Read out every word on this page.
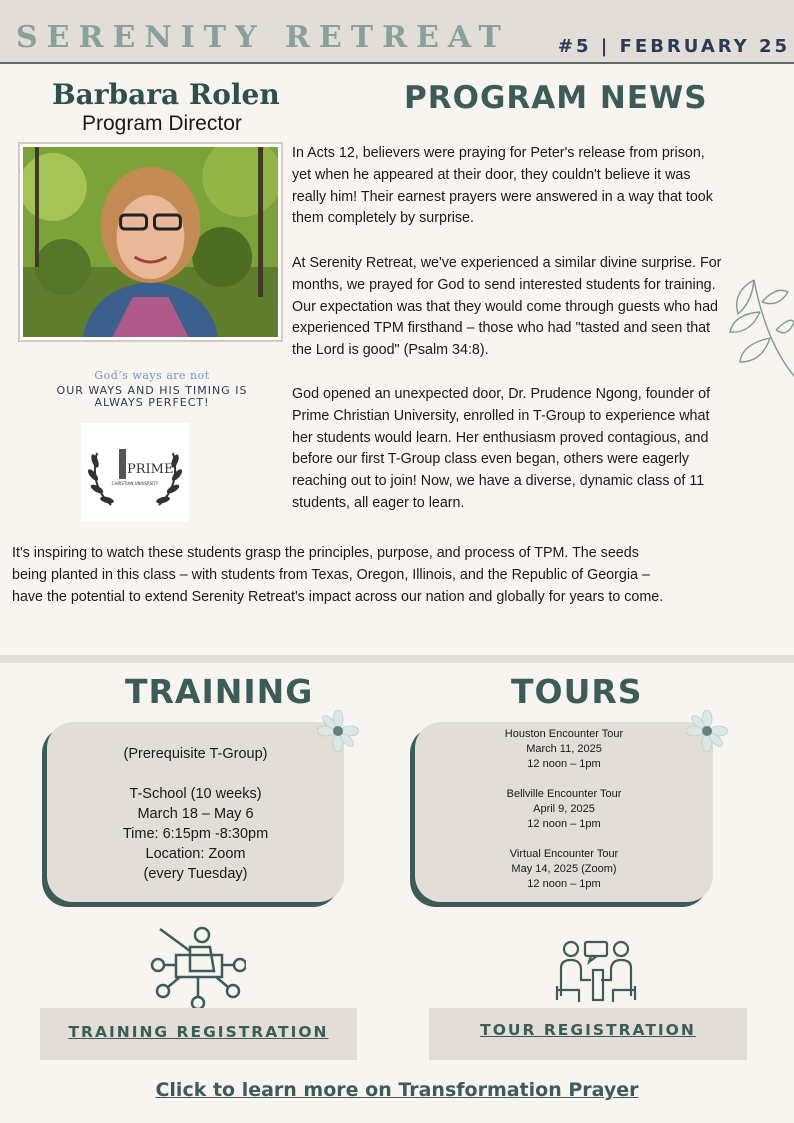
SERENITY RETREAT	#5 | FEBRUARY 25
Barbara Rolen
Program Director
God’s ways are not
OUR WAYS AND HIS TIMING IS ALWAYS PERFECT!
PRIME
CHRISTIAN UNIVERSITY
PROGRAM NEWS

In Acts 12, believers were praying for Peter's release from prison, yet when he appeared at their door, they couldn't believe it was really him! Their earnest prayers were answered in a way that took them completely by surprise.

At Serenity Retreat, we've experienced a similar divine surprise. For months, we prayed for God to send interested students for training. Our expectation was that they would come through guests who had experienced TPM firsthand – those who had "tasted and seen that the Lord is good" (Psalm 34:8).

God opened an unexpected door, Dr. Prudence Ngong, founder of Prime Christian University, enrolled in T-Group to experience what her students would learn. Her enthusiasm proved contagious, and before our first T-Group class even began, others were eagerly reaching out to join! Now, we have a diverse, dynamic class of 11 students, all eager to learn.

It's inspiring to watch these students grasp the principles, purpose, and process of TPM. The seeds being planted in this class – with students from Texas, Oregon, Illinois, and the Republic of Georgia – have the potential to extend Serenity Retreat's impact across our nation and globally for years to come.

TRAINING
(Prerequisite T-Group)
T-School (10 weeks)
March 18 – May 6
Time: 6:15pm -8:30pm
Location: Zoom
(every Tuesday)
TOURS
Houston Encounter Tour
March 11, 2025
12 noon – 1pm
Bellville Encounter Tour
April 9, 2025
12 noon – 1pm
Virtual Encounter Tour
May 14, 2025 (Zoom)
12 noon – 1pm
TRAINING REGISTRATION	TOUR REGISTRATION
Click to learn more on Transformation Prayer
